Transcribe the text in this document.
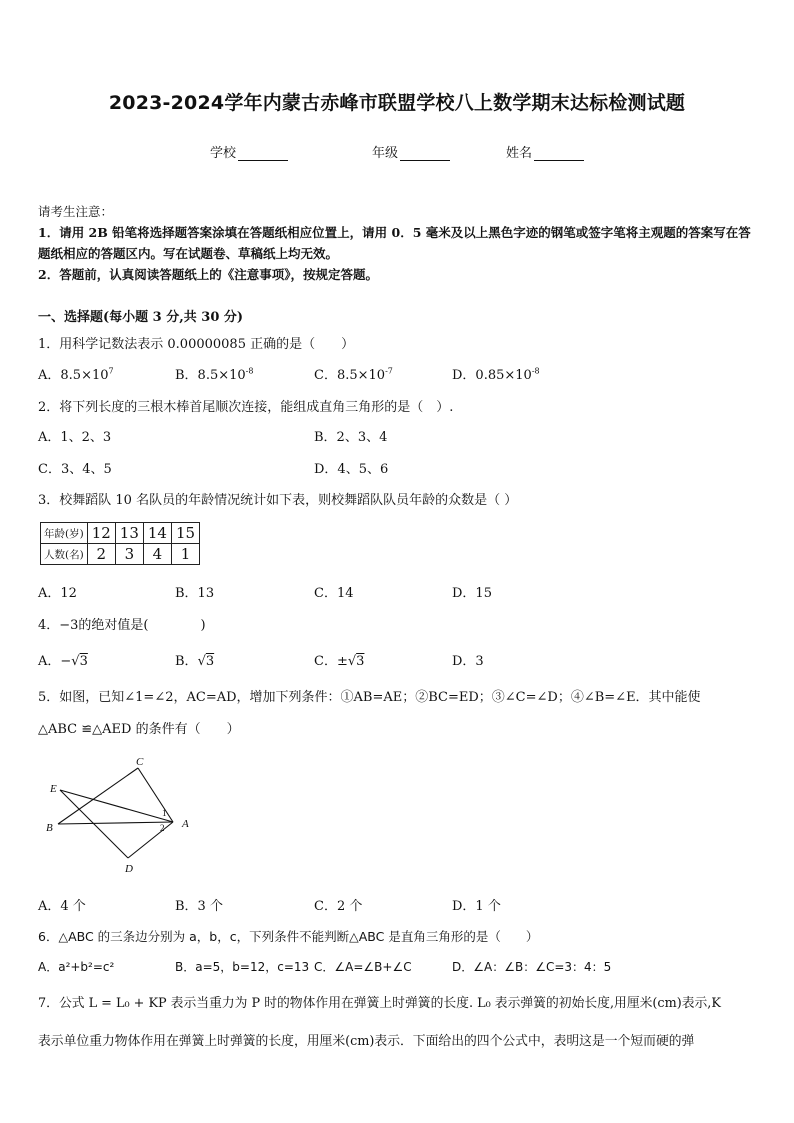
2023-2024学年内蒙古赤峰市联盟学校八上数学期末达标检测试题
学校	年级	姓名
请考生注意：
1．请用 2B 铅笔将选择题答案涂填在答题纸相应位置上，请用 0．5 毫米及以上黑色字迹的钢笔或签字笔将主观题的答案写在答题纸相应的答题区内。写在试题卷、草稿纸上均无效。
2．答题前，认真阅读答题纸上的《注意事项》，按规定答题。
一、选择题(每小题 3 分,共 30 分)
1．用科学记数法表示 0.00000085 正确的是（　　）
A．$8.5\times 10^7$	B．$8.5\times 10^{-8}$	C．$8.5\times 10^{-7}$	D．$0.85\times 10^{-8}$
2．将下列长度的三根木棒首尾顺次连接，能组成直角三角形的是（　）.
A．1、2、3	B．2、3、4
C．3、4、5	D．4、5、6
3．校舞蹈队 10 名队员的年龄情况统计如下表，则校舞蹈队队员年龄的众数是（ ）
年龄(岁)	12	13	14	15
人数(名)	2	3	4	1
A．12	B．13	C．14	D．15
4．−3的绝对值是(　　　　)
A．−√3	B．√3	C．±√3	D．3
5．如图，已知∠1=∠2，AC=AD，增加下列条件：①AB=AE；②BC=ED；③∠C=∠D；④∠B=∠E．其中能使
△ABC ≌△AED 的条件有（　　）
C
E
B	A
D
1
2
A．4 个	B．3 个	C．2 个	D．1 个
6．△ABC 的三条边分别为 a，b，c，下列条件不能判断△ABC 是直角三角形的是（　　）
A．a²+b²=c²	B．a=5，b=12，c=13 C．∠A=∠B+∠C	D．∠A：∠B：∠C=3：4：5
7．公式 L = L₀ + KP 表示当重力为 P 时的物体作用在弹簧上时弹簧的长度. L₀ 表示弹簧的初始长度,用厘米(cm)表示,K
表示单位重力物体作用在弹簧上时弹簧的长度，用厘米(cm)表示．下面给出的四个公式中，表明这是一个短而硬的弹
